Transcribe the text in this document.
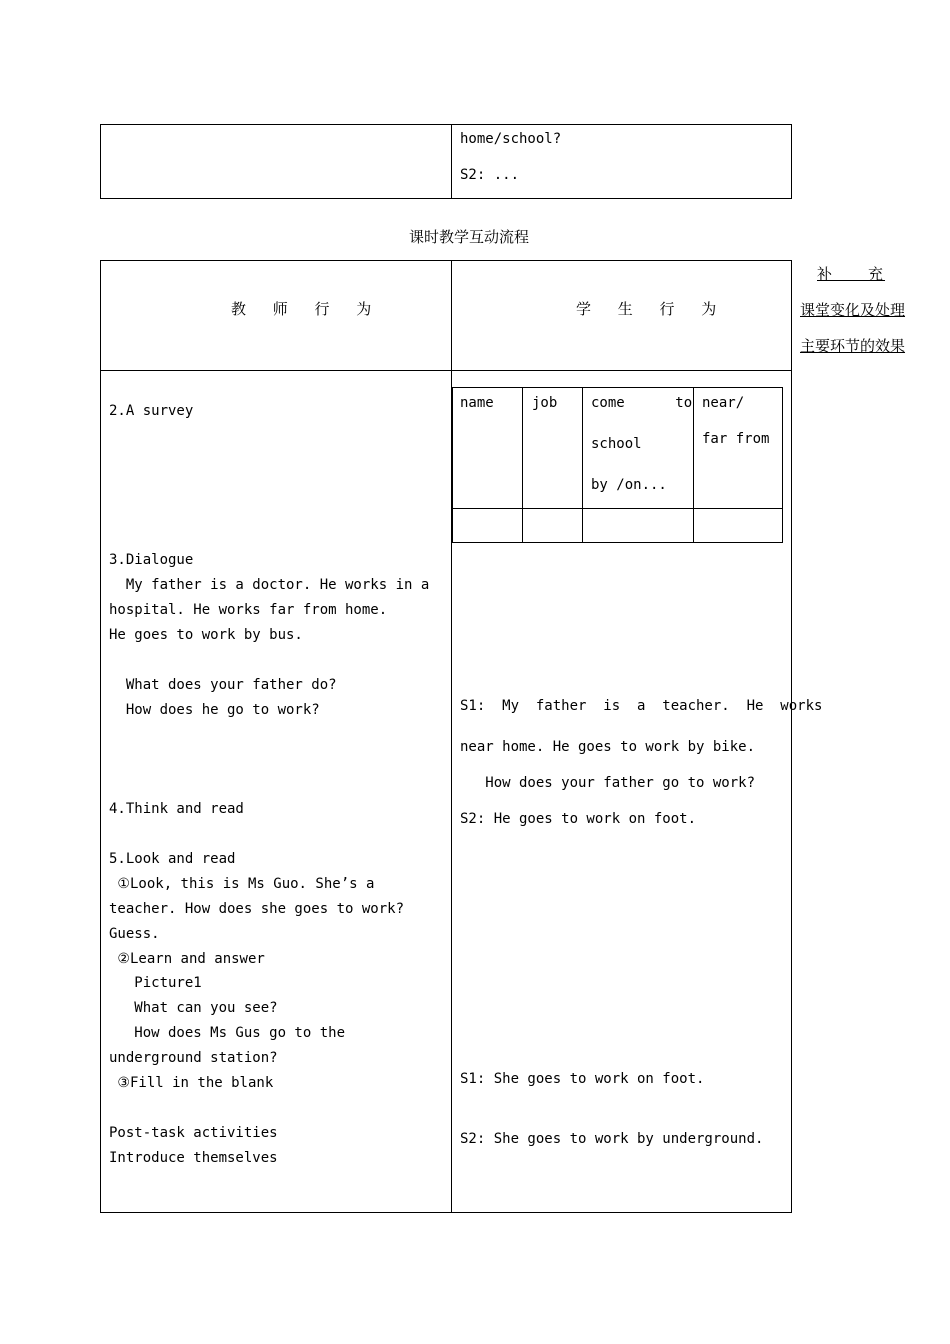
home/school?
S2: ...
课时教学互动流程
教 师 行 为	学 生 行 为
补　　充
课堂变化及处理
主要环节的效果
name	job come      to
school
by /on...
near/
far from
2.A survey
3.Dialogue
My father is a doctor. He works in a
hospital. He works far from home.
He goes to work by bus.
What does your father do?
How does he go to work?
4.Think and read
5.Look and read
①Look, this is Ms Guo. She’s a
teacher. How does she goes to work?
Guess.
②Learn and answer
Picture1
What can you see?
How does Ms Gus go to the
underground station?
③Fill in the blank
Post-task activities
Introduce themselves
S1:  My  father  is  a  teacher.  He  works
near home. He goes to work by bike.
How does your father go to work?
S2: He goes to work on foot.
S1: She goes to work on foot.
S2: She goes to work by underground.
